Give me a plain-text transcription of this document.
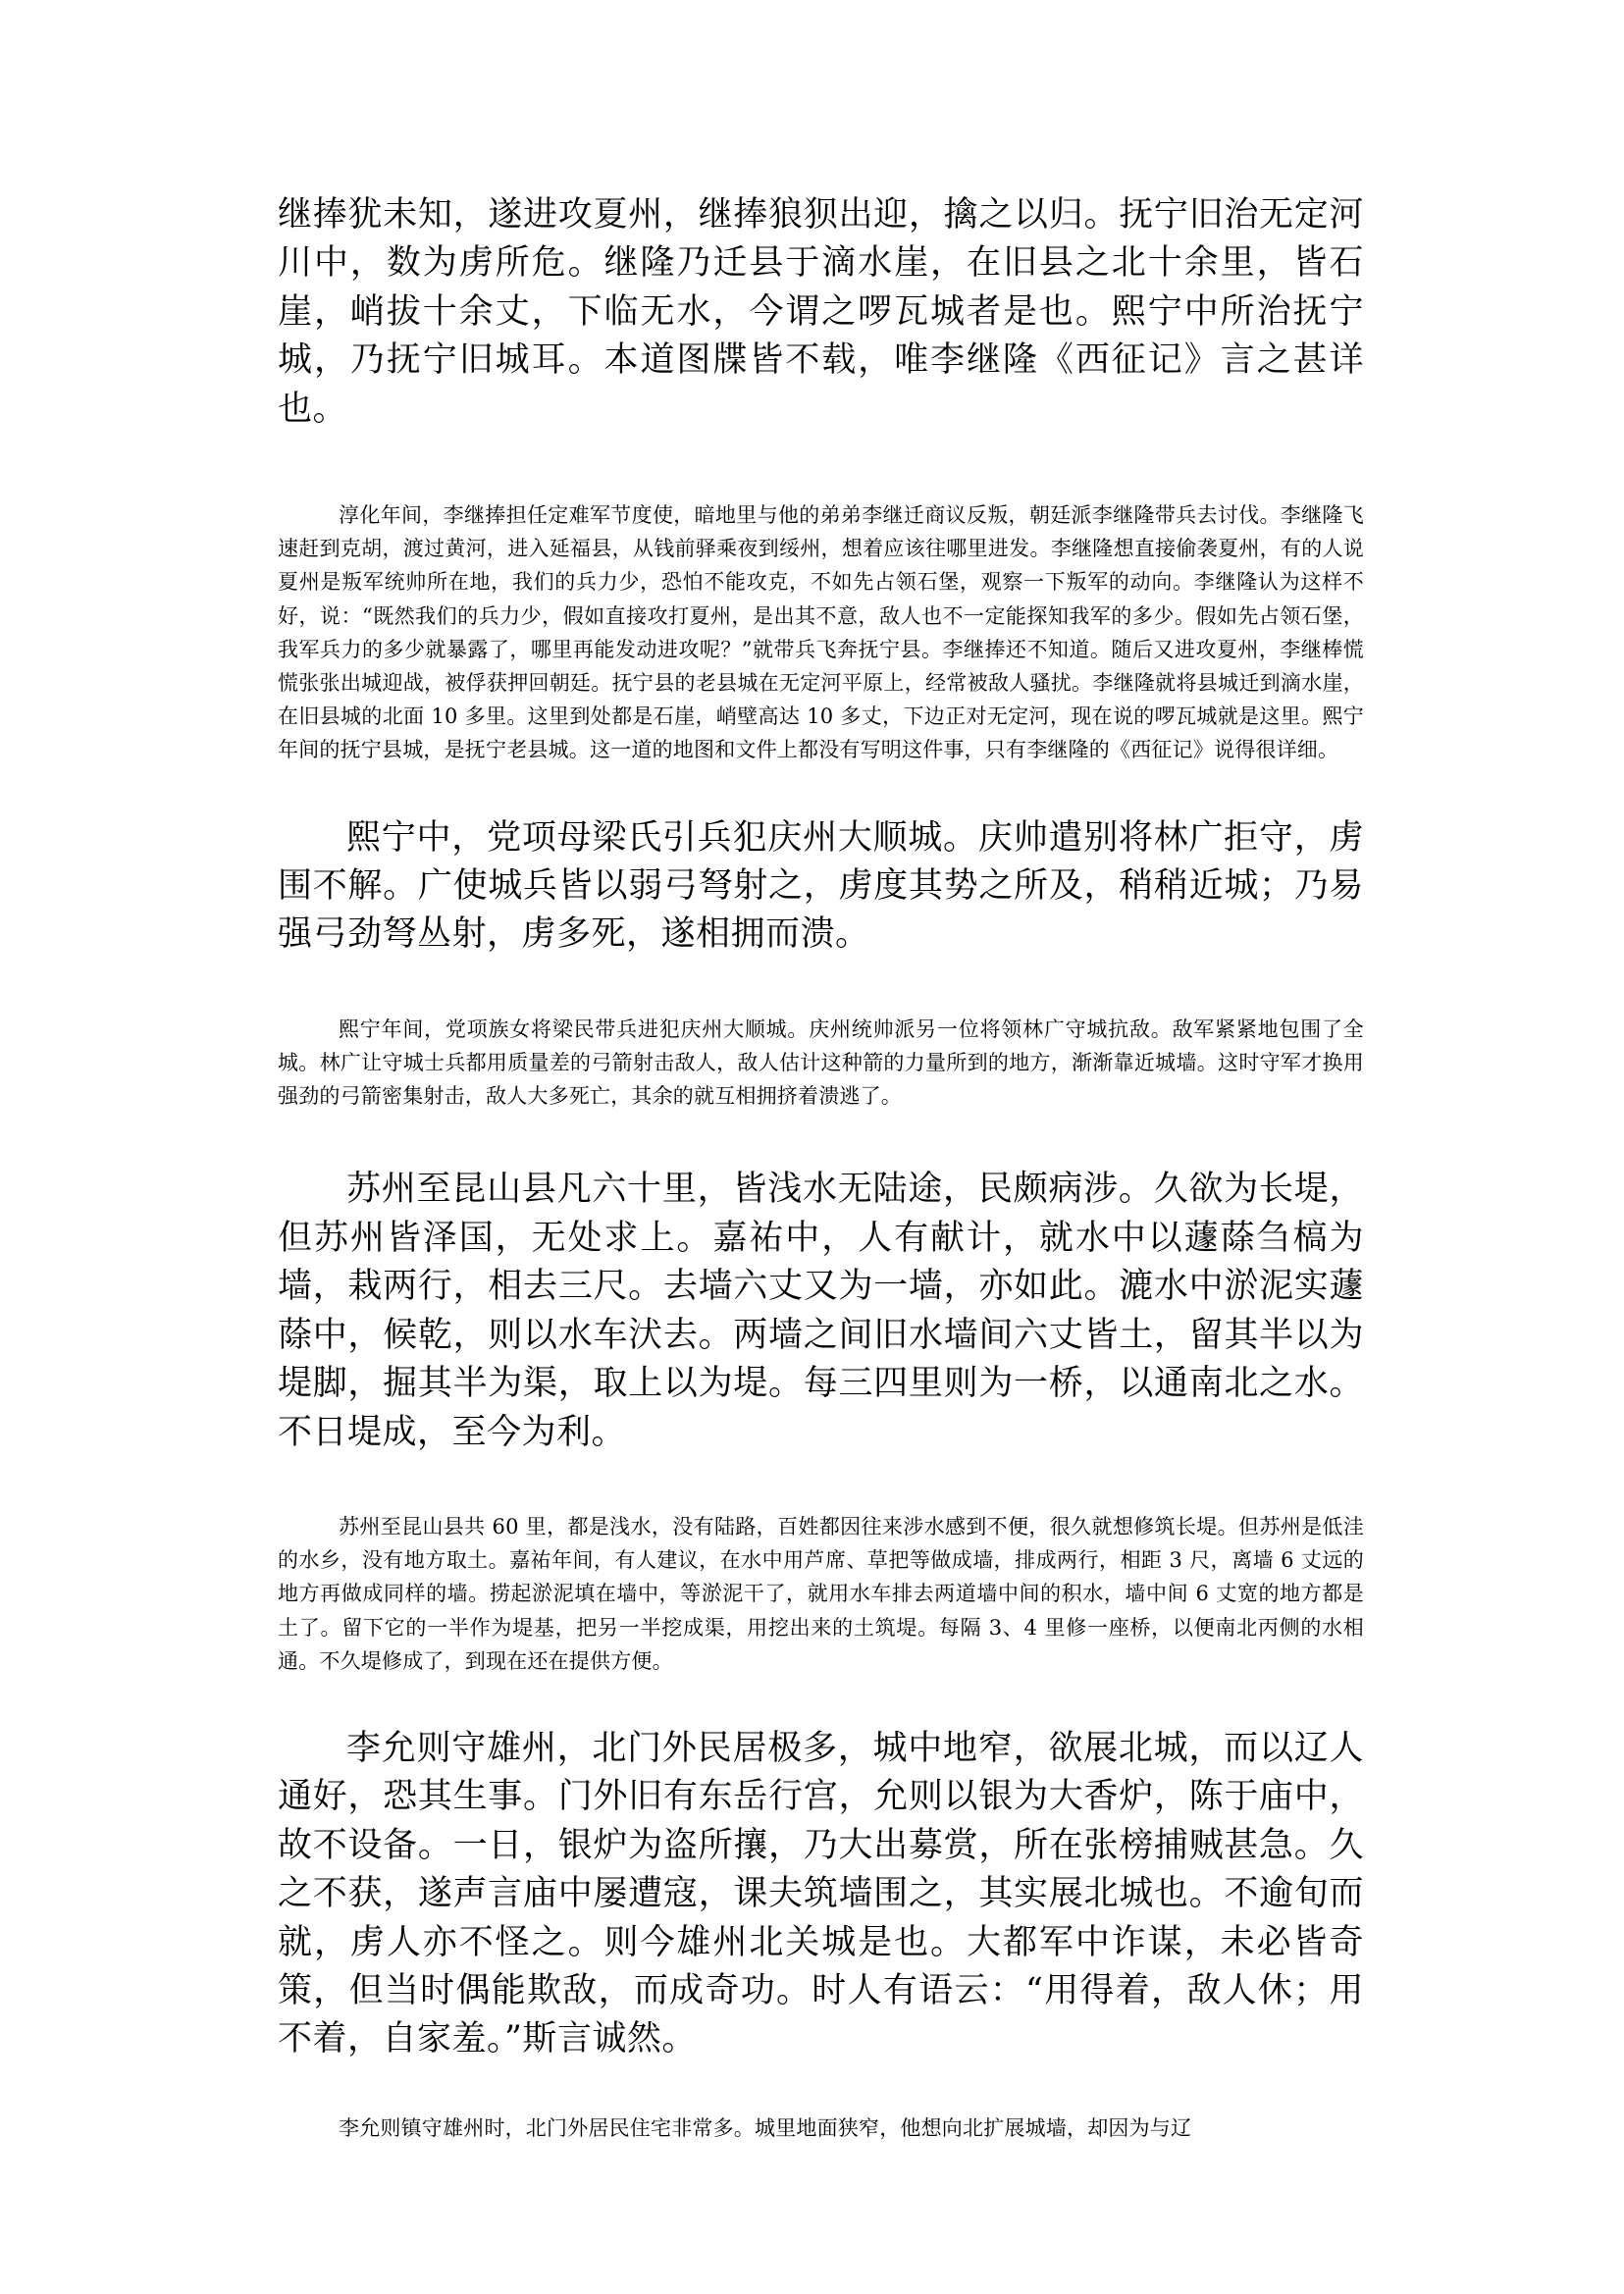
继捧犹未知，遂进攻夏州，继捧狼狈出迎，擒之以归。抚宁旧治无定河川中，数为虏所危。继隆乃迁县于滴水崖，在旧县之北十余里，皆石崖，峭拔十余丈，下临无水，今谓之啰瓦城者是也。熙宁中所治抚宁城，乃抚宁旧城耳。本道图牒皆不载，唯李继隆《西征记》言之甚详也。

淳化年间，李继捧担任定难军节度使，暗地里与他的弟弟李继迁商议反叛，朝廷派李继隆带兵去讨伐。李继隆飞速赶到克胡，渡过黄河，进入延福县，从钱前驿乘夜到绥州，想着应该往哪里进发。李继隆想直接偷袭夏州，有的人说夏州是叛军统帅所在地，我们的兵力少，恐怕不能攻克，不如先占领石堡，观察一下叛军的动向。李继隆认为这样不好，说：“既然我们的兵力少，假如直接攻打夏州，是出其不意，敌人也不一定能探知我军的多少。假如先占领石堡，我军兵力的多少就暴露了，哪里再能发动进攻呢？”就带兵飞奔抚宁县。李继捧还不知道。随后又进攻夏州，李继棒慌慌张张出城迎战，被俘获押回朝廷。抚宁县的老县城在无定河平原上，经常被敌人骚扰。李继隆就将县城迁到滴水崖，在旧县城的北面 10 多里。这里到处都是石崖，峭壁高达 10 多丈，下边正对无定河，现在说的啰瓦城就是这里。熙宁年间的抚宁县城，是抚宁老县城。这一道的地图和文件上都没有写明这件事，只有李继隆的《西征记》说得很详细。

熙宁中，党项母梁氏引兵犯庆州大顺城。庆帅遣别将林广拒守，虏围不解。广使城兵皆以弱弓弩射之，虏度其势之所及，稍稍近城；乃易强弓劲弩丛射，虏多死，遂相拥而溃。

熙宁年间，党项族女将梁民带兵进犯庆州大顺城。庆州统帅派另一位将领林广守城抗敌。敌军紧紧地包围了全城。林广让守城士兵都用质量差的弓箭射击敌人，敌人估计这种箭的力量所到的地方，渐渐靠近城墙。这时守军才换用强劲的弓箭密集射击，敌人大多死亡，其余的就互相拥挤着溃逃了。

苏州至昆山县凡六十里，皆浅水无陆途，民颇病涉。久欲为长堤，但苏州皆泽国，无处求上。嘉祐中，人有献计，就水中以蘧蒢刍槁为墙，栽两行，相去三尺。去墙六丈又为一墙，亦如此。漉水中淤泥实蘧蒢中，候乾，则以水车汱去。两墙之间旧水墙间六丈皆土，留其半以为堤脚，掘其半为渠，取上以为堤。每三四里则为一桥，以通南北之水。不日堤成，至今为利。

苏州至昆山县共 60 里，都是浅水，没有陆路，百姓都因往来涉水感到不便，很久就想修筑长堤。但苏州是低洼的水乡，没有地方取土。嘉祐年间，有人建议，在水中用芦席、草把等做成墙，排成两行，相距 3 尺，离墙 6 丈远的地方再做成同样的墙。捞起淤泥填在墙中，等淤泥干了，就用水车排去两道墙中间的积水，墙中间 6 丈宽的地方都是土了。留下它的一半作为堤基，把另一半挖成渠，用挖出来的土筑堤。每隔 3、4 里修一座桥，以便南北丙侧的水相通。不久堤修成了，到现在还在提供方便。

李允则守雄州，北门外民居极多，城中地窄，欲展北城，而以辽人通好，恐其生事。门外旧有东岳行宫，允则以银为大香炉，陈于庙中，故不设备。一日，银炉为盗所攘，乃大出募赏，所在张榜捕贼甚急。久之不获，遂声言庙中屡遭寇，课夫筑墙围之，其实展北城也。不逾旬而就，虏人亦不怪之。则今雄州北关城是也。大都军中诈谋，未必皆奇策，但当时偶能欺敌，而成奇功。时人有语云：“用得着，敌人休；用不着，自家羞。”斯言诚然。

李允则镇守雄州时，北门外居民住宅非常多。城里地面狭窄，他想向北扩展城墙，却因为与辽
